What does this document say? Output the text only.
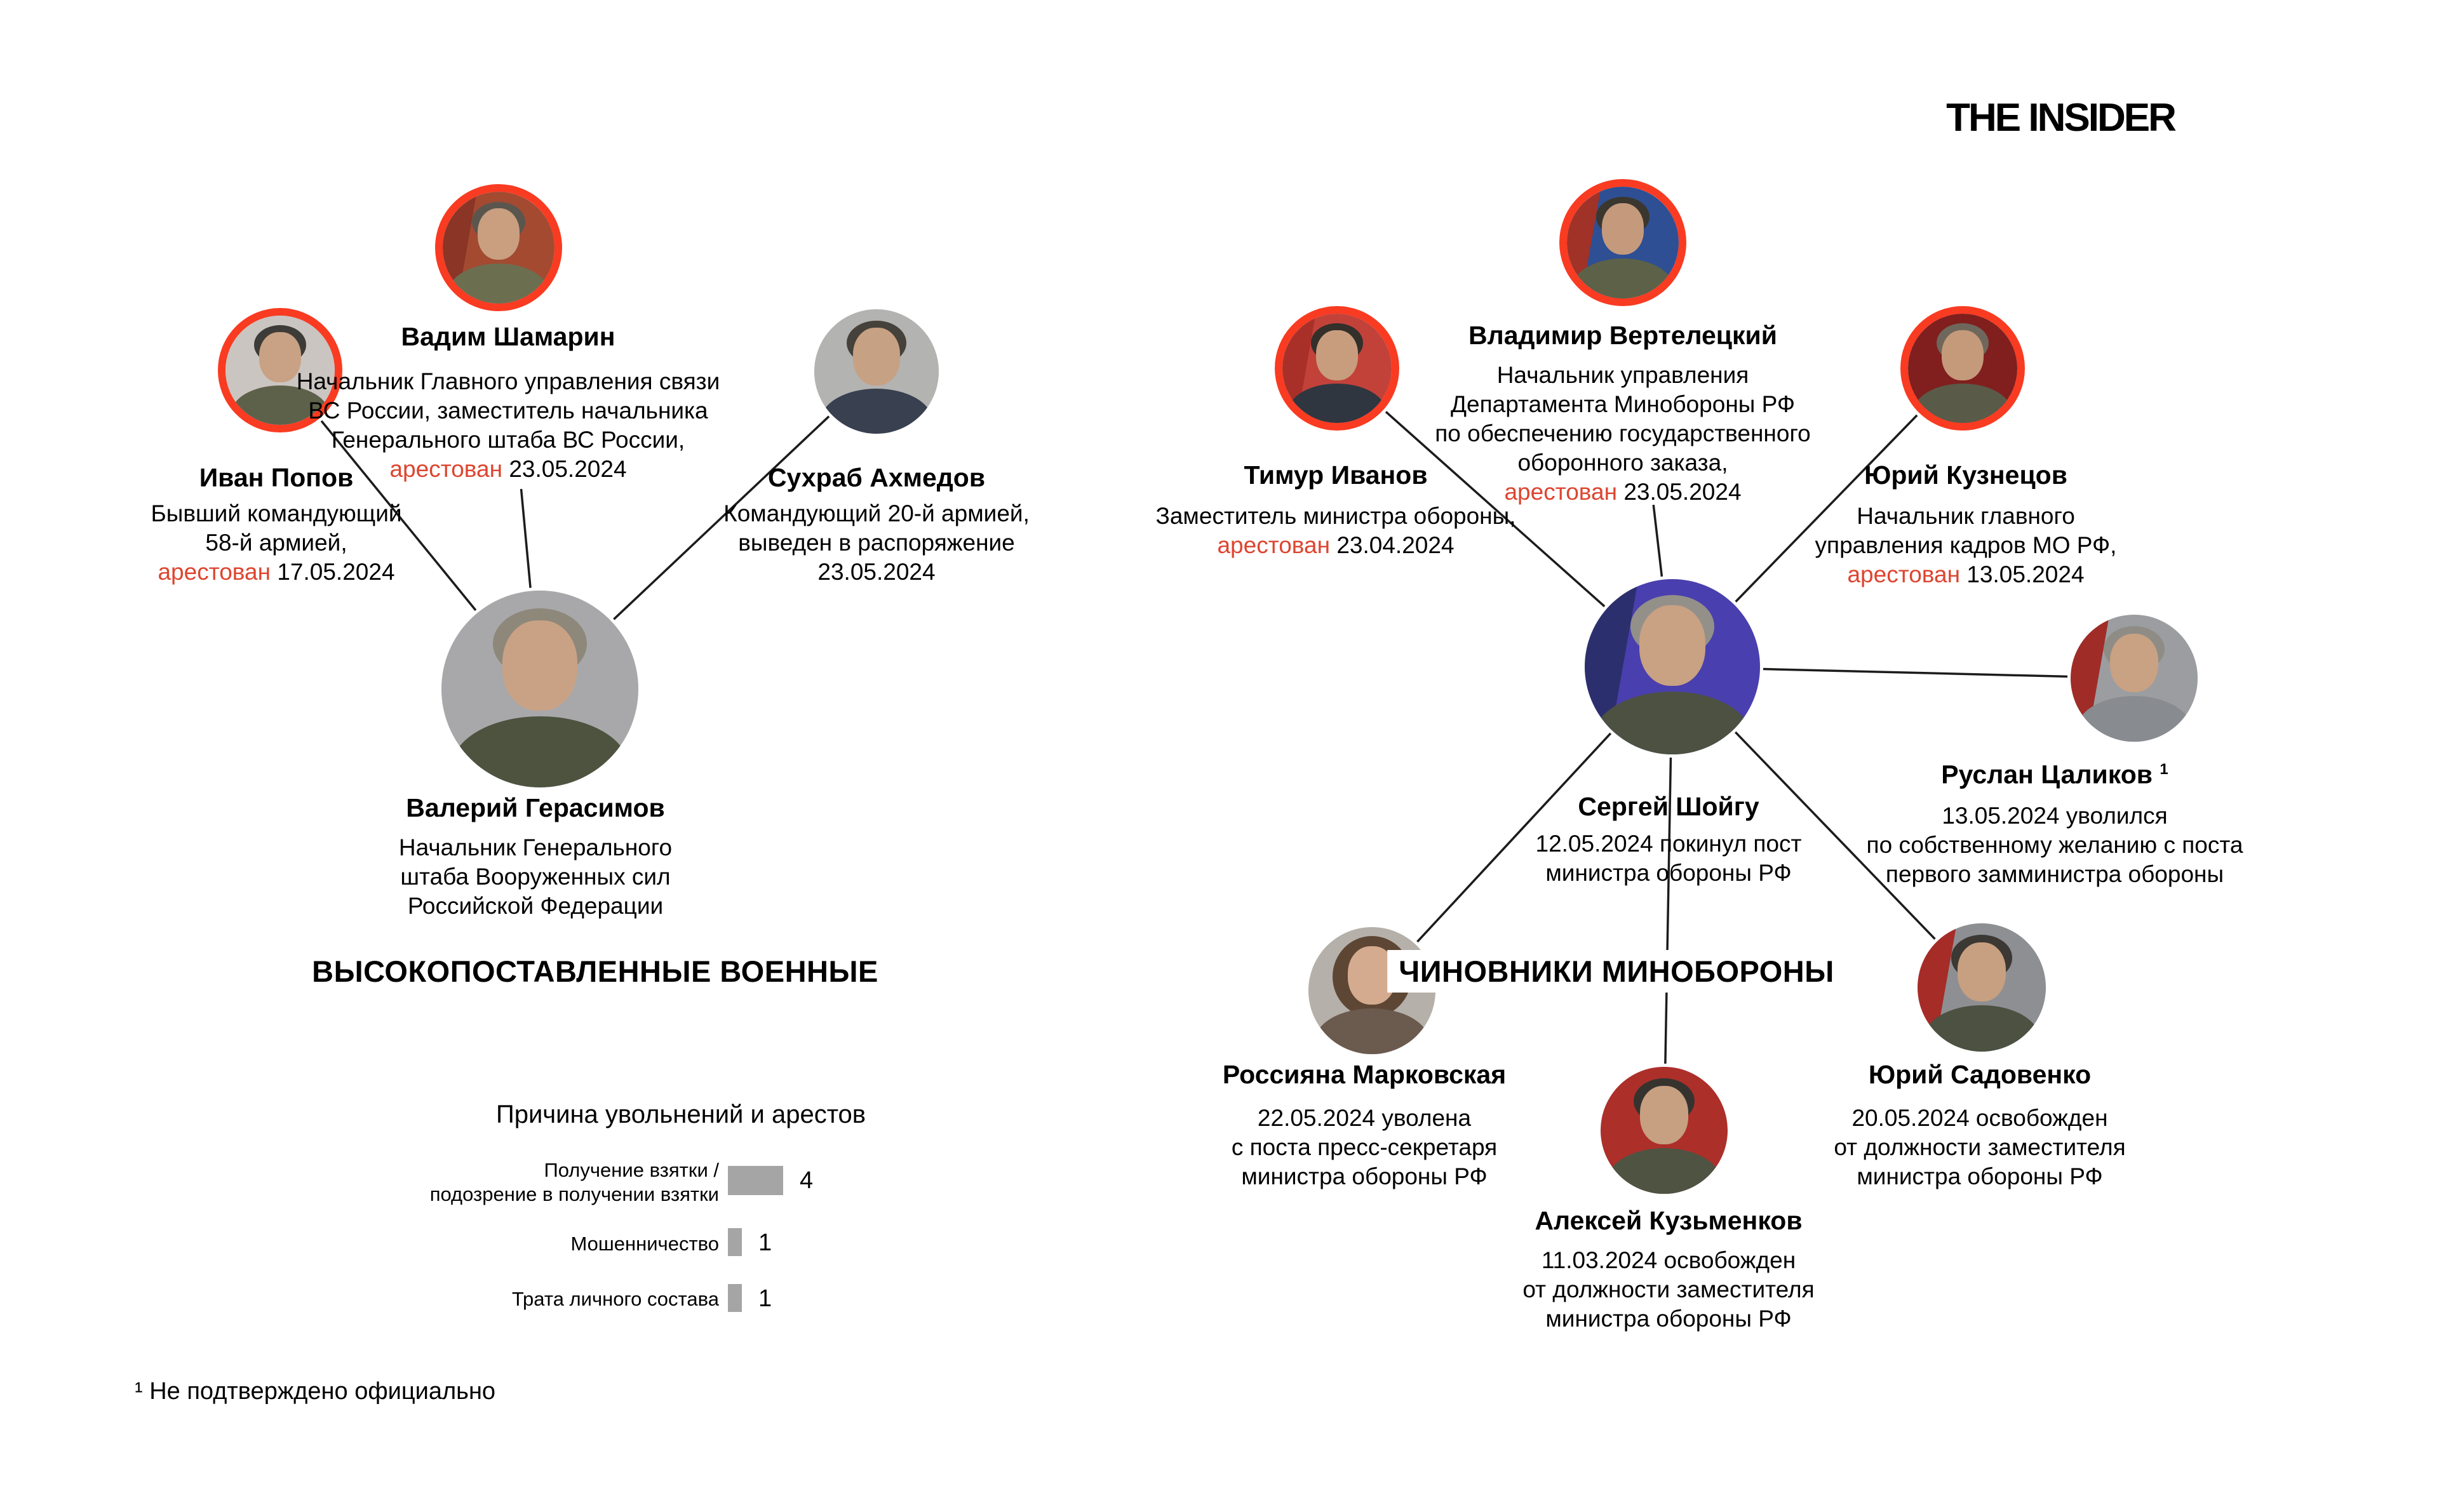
THE INSIDER
ВЫСОКОПОСТАВЛЕННЫЕ ВОЕННЫЕ	ЧИНОВНИКИ МИНОБОРОНЫ
Причина увольнений и арестов
Получение взятки /
подозрение в получении взятки
4
Мошенничество 1
Трата личного состава 1
¹ Не подтверждено официально
Иван Попов
Бывший командующий
58-й армией,
арестован 17.05.2024
Вадим Шамарин
Начальник Главного управления связи
ВС России, заместитель начальника
Генерального штаба ВС России,
арестован 23.05.2024	Сухраб Ахмедов
Командующий 20-й армией,
выведен в распоряжение
23.05.2024
Валерий Герасимов
Начальник Генерального
штаба Вооруженных сил
Российской Федерации
Тимур Иванов
Заместитель министра обороны,
арестован 23.04.2024
Владимир Вертелецкий
Начальник управления
Департамента Минобороны РФ
по обеспечению государственного
оборонного заказа,
арестован 23.05.2024
Юрий Кузнецов
Начальник главного
управления кадров МО РФ,
арестован 13.05.2024
Сергей Шойгу
12.05.2024 покинул пост
министра обороны РФ
Руслан Цаликов $^1$
13.05.2024 уволился
по собственному желанию с поста
первого замминистра обороны
Россияна Марковская
22.05.2024 уволена
с поста пресс-секретаря
министра обороны РФ
Юрий Садовенко
20.05.2024 освобожден
от должности заместителя
министра обороны РФ
Алексей Кузьменков
11.03.2024 освобожден
от должности заместителя
министра обороны РФ
